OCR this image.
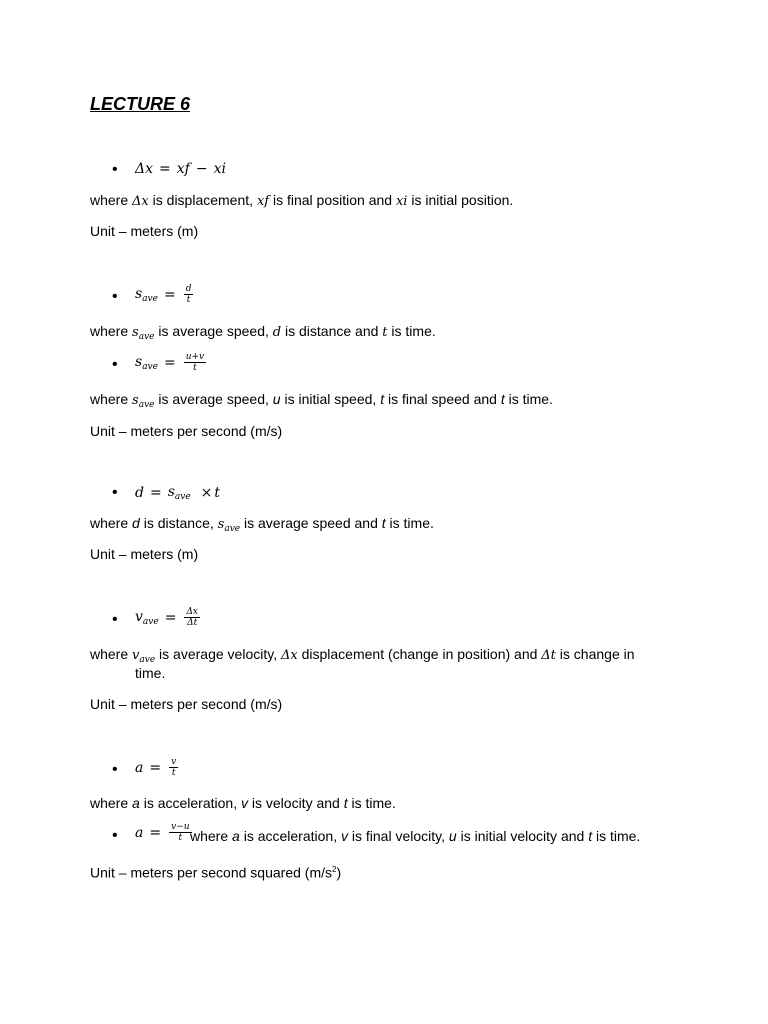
LECTURE 6
• Δx = xf − xi
where Δx is displacement, xf is final position and xi is initial position.
Unit – meters (m)
• $s_{ave} = \frac{d}{t}$
where $s_{ave}$ is average speed, d is distance and t is time.
• $s_{ave} = \frac{u+v}{t}$
where $s_{ave}$ is average speed, u is initial speed, t is final speed and t is time.
Unit – meters per second (m/s)
• $d = s_{ave} \times t$
where d is distance, $s_{ave}$ is average speed and t is time.
Unit – meters (m)
• $v_{ave} = \frac{\Delta x}{\Delta t}$
where $v_{ave}$ is average velocity, Δx displacement (change in position) and Δt is change in
time.
Unit – meters per second (m/s)
• $a = \frac{v}{t}$
where a is acceleration, v is velocity and t is time.
• $a = \frac{v-u}{t}$
where a is acceleration, v is final velocity, u is initial velocity and t is time.
Unit – meters per second squared $(m/s^2)$
